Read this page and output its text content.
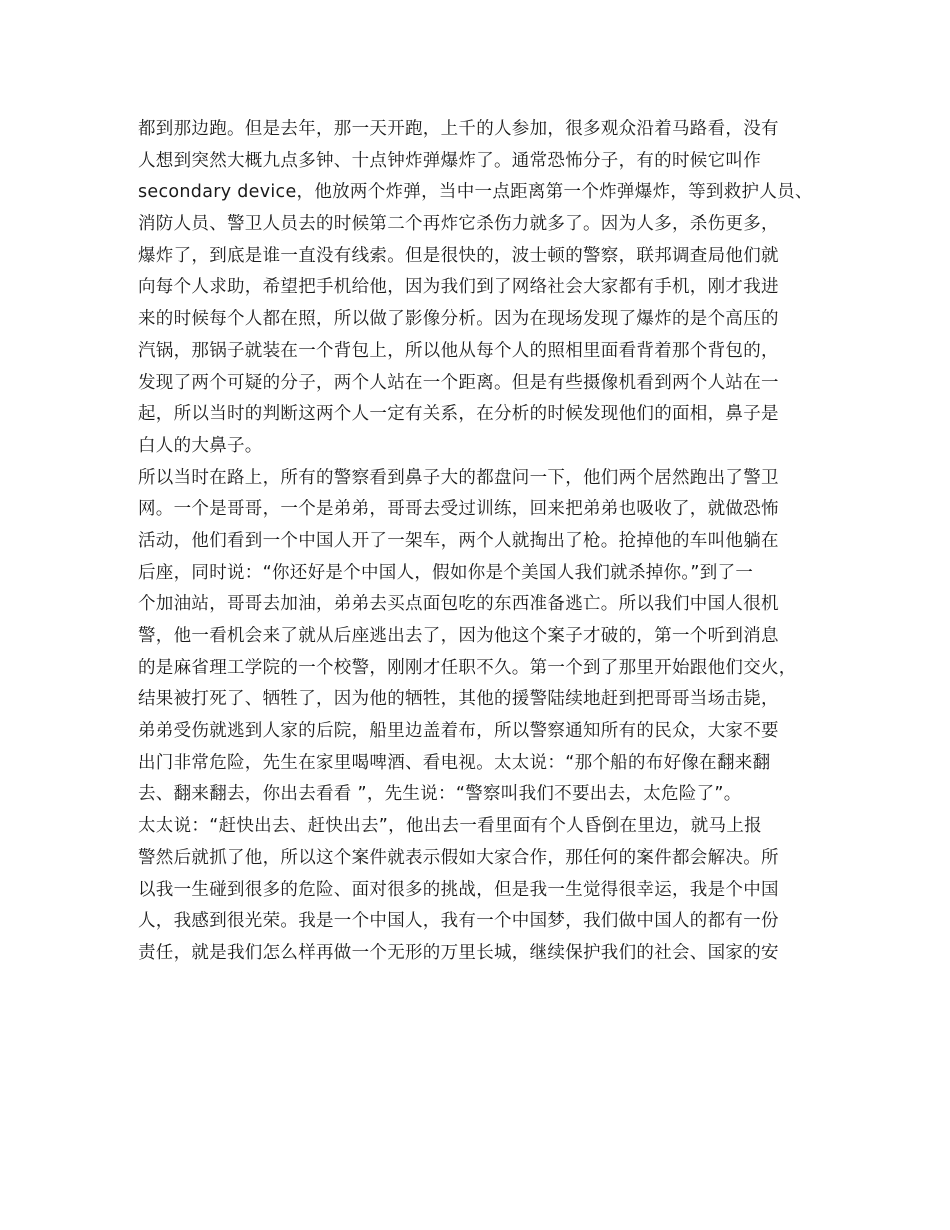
都到那边跑。但是去年，那一天开跑，上千的人参加，很多观众沿着马路看，没有
人想到突然大概九点多钟、十点钟炸弹爆炸了。通常恐怖分子，有的时候它叫作
secondary device，他放两个炸弹，当中一点距离第一个炸弹爆炸，等到救护人员、
消防人员、警卫人员去的时候第二个再炸它杀伤力就多了。因为人多，杀伤更多，
爆炸了，到底是谁一直没有线索。但是很快的，波士顿的警察，联邦调查局他们就
向每个人求助，希望把手机给他，因为我们到了网络社会大家都有手机，刚才我进
来的时候每个人都在照，所以做了影像分析。因为在现场发现了爆炸的是个高压的
汽锅，那锅子就装在一个背包上，所以他从每个人的照相里面看背着那个背包的，
发现了两个可疑的分子，两个人站在一个距离。但是有些摄像机看到两个人站在一
起，所以当时的判断这两个人一定有关系，在分析的时候发现他们的面相，鼻子是
白人的大鼻子。
所以当时在路上，所有的警察看到鼻子大的都盘问一下，他们两个居然跑出了警卫
网。一个是哥哥，一个是弟弟，哥哥去受过训练，回来把弟弟也吸收了，就做恐怖
活动，他们看到一个中国人开了一架车，两个人就掏出了枪。抢掉他的车叫他躺在
后座，同时说：“你还好是个中国人，假如你是个美国人我们就杀掉你。”到了一
个加油站，哥哥去加油，弟弟去买点面包吃的东西准备逃亡。所以我们中国人很机
警，他一看机会来了就从后座逃出去了，因为他这个案子才破的，第一个听到消息
的是麻省理工学院的一个校警，刚刚才任职不久。第一个到了那里开始跟他们交火，
结果被打死了、牺牲了，因为他的牺牲，其他的援警陆续地赶到把哥哥当场击毙，
弟弟受伤就逃到人家的后院，船里边盖着布，所以警察通知所有的民众，大家不要
出门非常危险，先生在家里喝啤酒、看电视。太太说：“那个船的布好像在翻来翻
去、翻来翻去，你出去看看 ”，先生说：“警察叫我们不要出去，太危险了”。
太太说：“赶快出去、赶快出去”，他出去一看里面有个人昏倒在里边，就马上报
警然后就抓了他，所以这个案件就表示假如大家合作，那任何的案件都会解决。所
以我一生碰到很多的危险、面对很多的挑战，但是我一生觉得很幸运，我是个中国
人，我感到很光荣。我是一个中国人，我有一个中国梦，我们做中国人的都有一份
责任，就是我们怎么样再做一个无形的万里长城，继续保护我们的社会、国家的安
